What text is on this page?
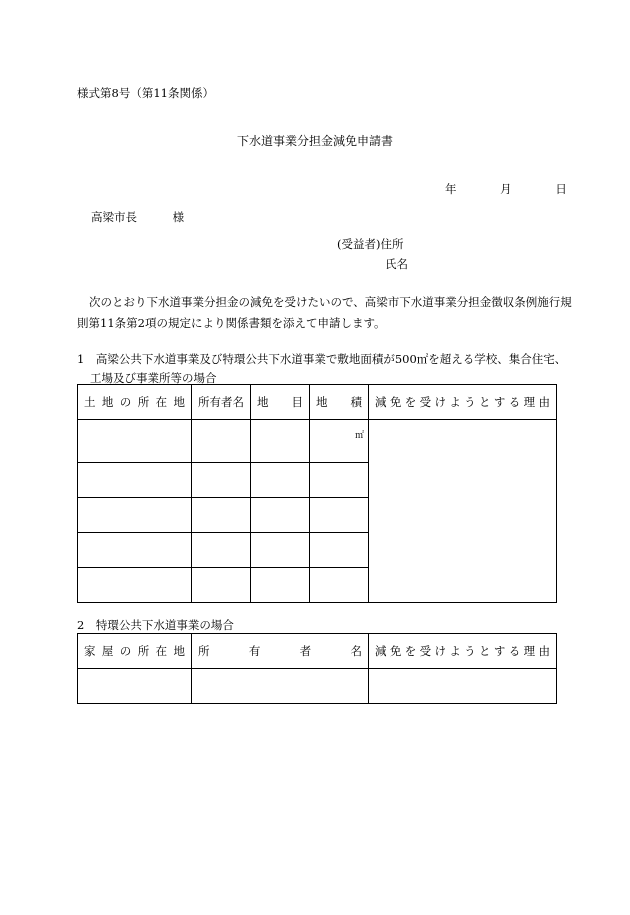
様式第8号（第11条関係）
下水道事業分担金減免申請書
年	月	日
高梁市長	様
(受益者)住所
氏名
次のとおり下水道事業分担金の減免を受けたいので、高梁市下水道事業分担金徴収条例施行規則第11条第2項の規定により関係書類を添えて申請します。
1　高梁公共下水道事業及び特環公共下水道事業で敷地面積が500㎡を超える学校、集合住宅、工場及び事業所等の場合
土地の所在地	所有者名	地目	地積	減免を受けようとする理由
			㎡	

2　特環公共下水道事業の場合
家屋の所在地	所有者名	減免を受けようとする理由
